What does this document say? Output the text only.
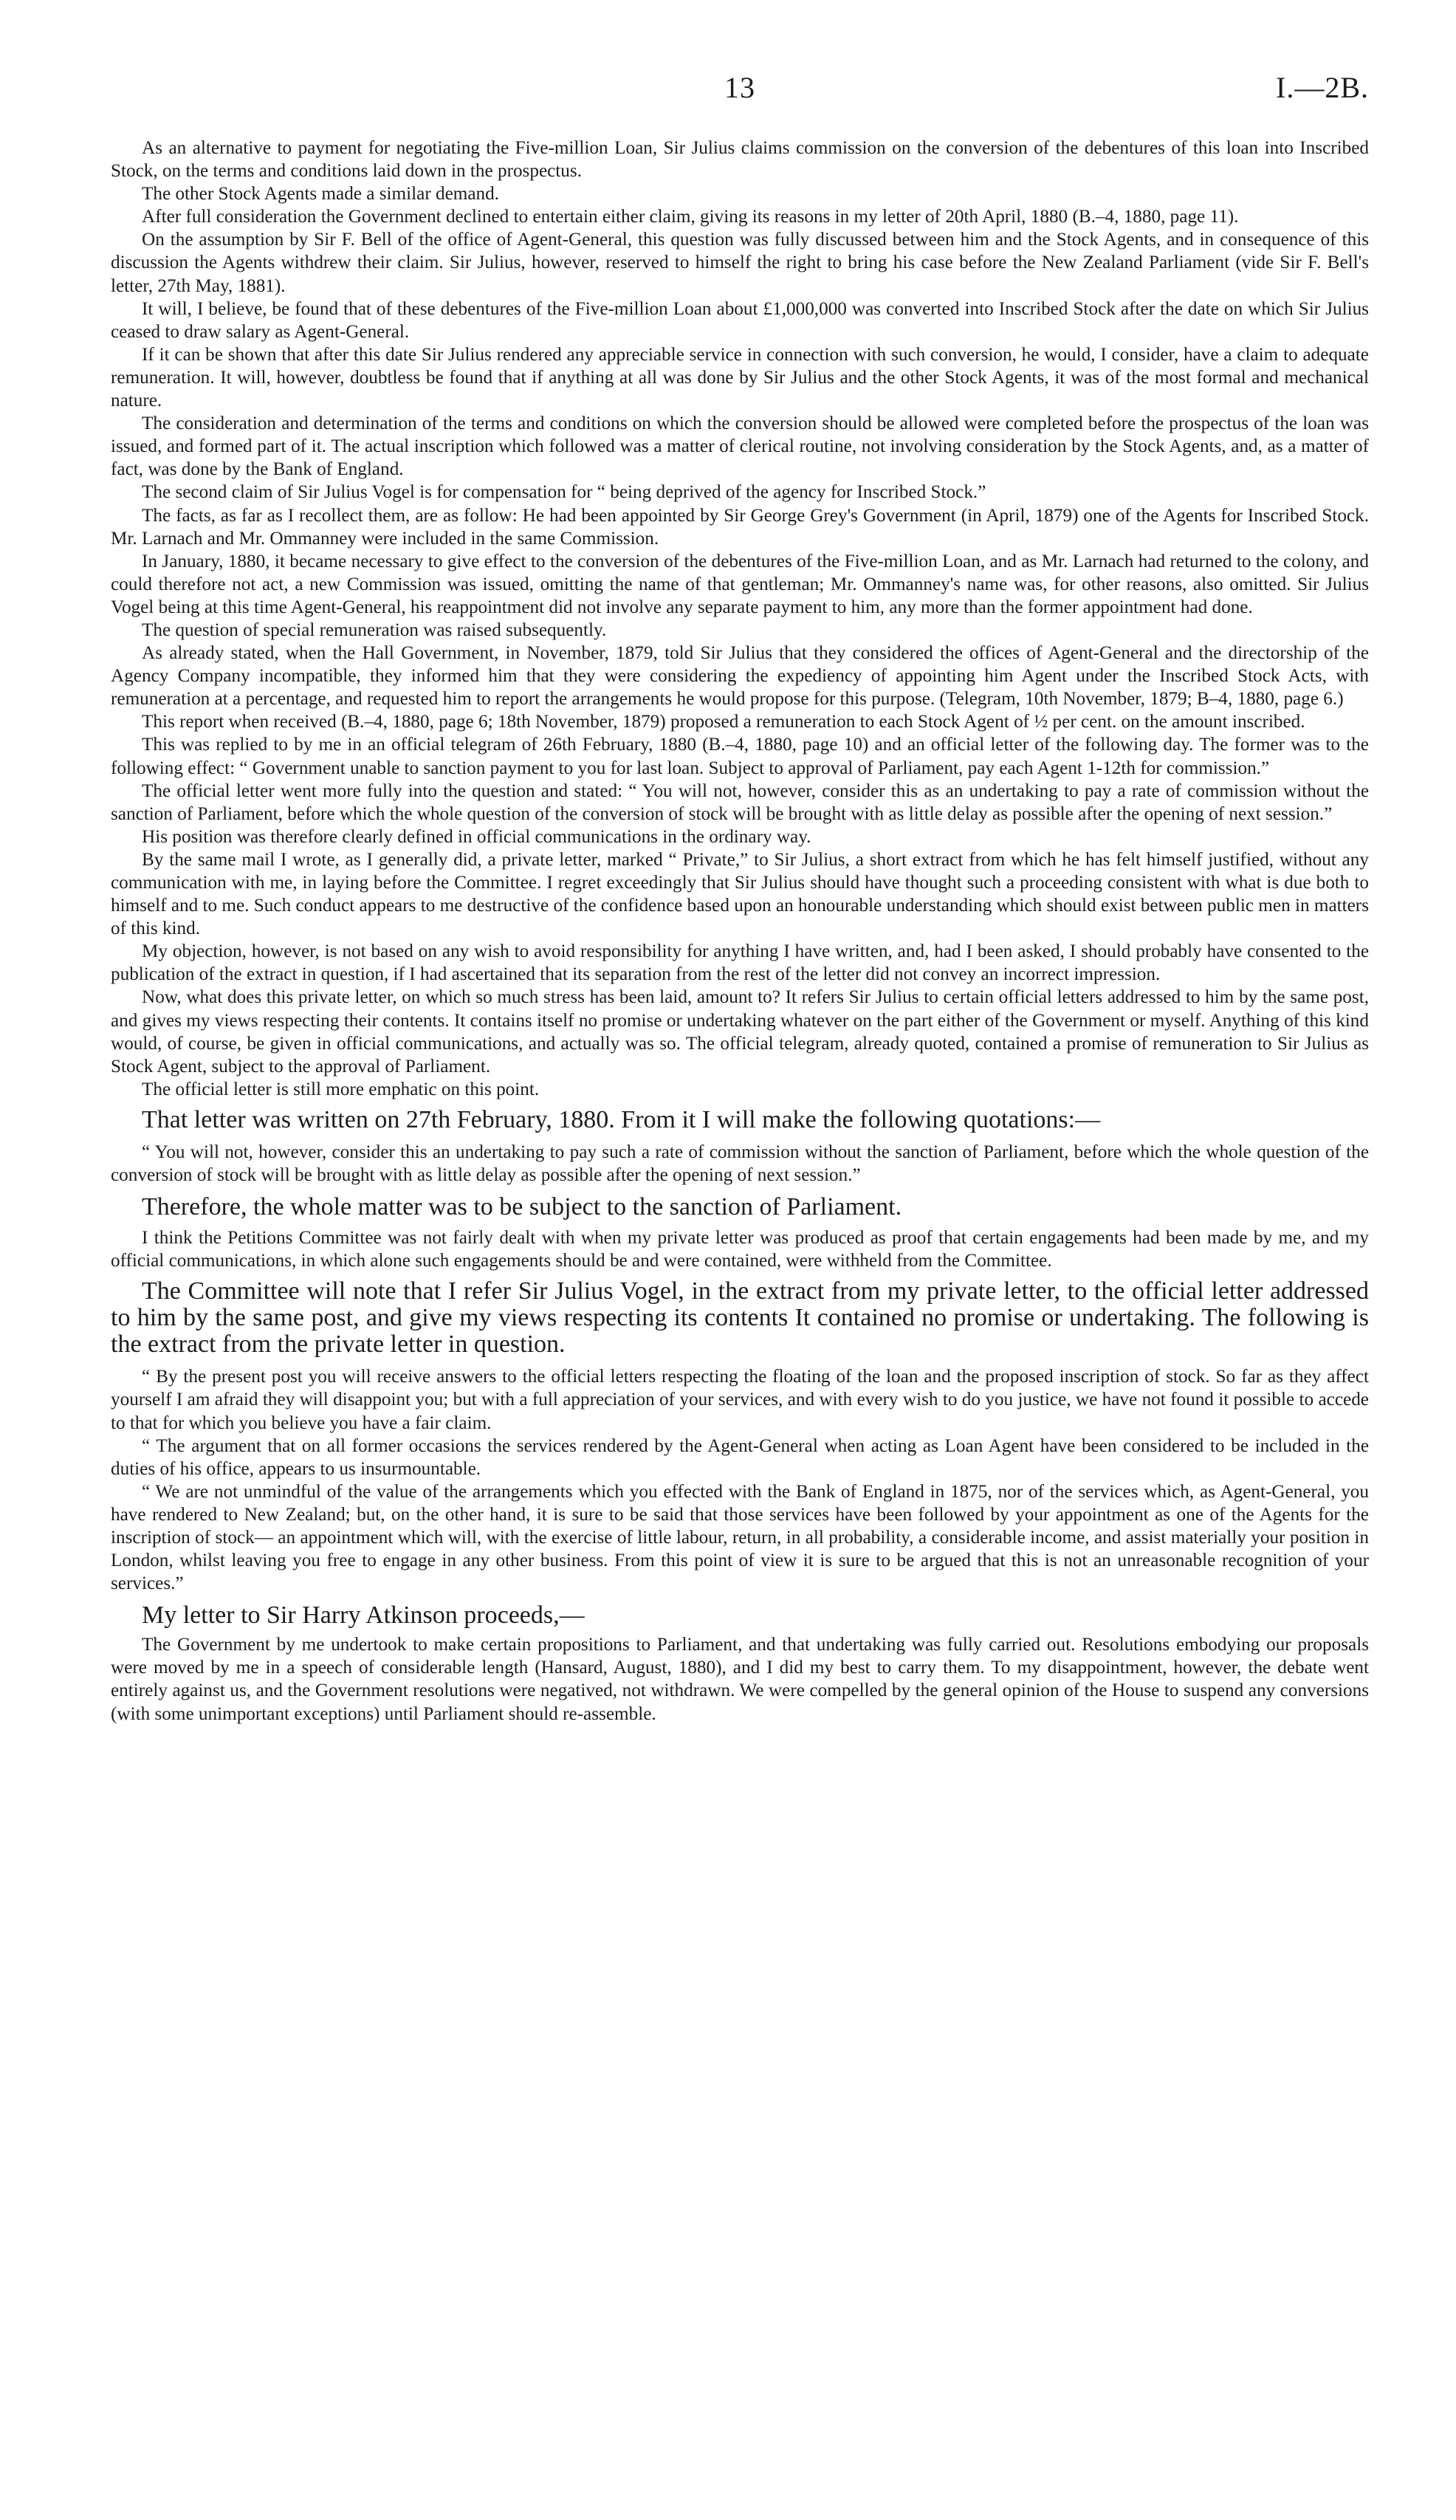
13	I.—2B.

As an alternative to payment for negotiating the Five-million Loan, Sir Julius claims commission on the conversion of the debentures of this loan into Inscribed Stock, on the terms and conditions laid down in the prospectus.

The other Stock Agents made a similar demand.

After full consideration the Government declined to entertain either claim, giving its reasons in my letter of 20th April, 1880 (B.–4, 1880, page 11).

On the assumption by Sir F. Bell of the office of Agent-General, this question was fully discussed between him and the Stock Agents, and in consequence of this discussion the Agents withdrew their claim. Sir Julius, however, reserved to himself the right to bring his case before the New Zealand Parliament (vide Sir F. Bell's letter, 27th May, 1881).

It will, I believe, be found that of these debentures of the Five-million Loan about £1,000,000 was converted into Inscribed Stock after the date on which Sir Julius ceased to draw salary as Agent-General.

If it can be shown that after this date Sir Julius rendered any appreciable service in connection with such conversion, he would, I consider, have a claim to adequate remuneration. It will, however, doubtless be found that if anything at all was done by Sir Julius and the other Stock Agents, it was of the most formal and mechanical nature.

The consideration and determination of the terms and conditions on which the conversion should be allowed were completed before the prospectus of the loan was issued, and formed part of it. The actual inscription which followed was a matter of clerical routine, not involving consideration by the Stock Agents, and, as a matter of fact, was done by the Bank of England.

The second claim of Sir Julius Vogel is for compensation for “ being deprived of the agency for Inscribed Stock.”

The facts, as far as I recollect them, are as follow: He had been appointed by Sir George Grey's Government (in April, 1879) one of the Agents for Inscribed Stock. Mr. Larnach and Mr. Ommanney were included in the same Commission.

In January, 1880, it became necessary to give effect to the conversion of the debentures of the Five-million Loan, and as Mr. Larnach had returned to the colony, and could therefore not act, a new Commission was issued, omitting the name of that gentleman; Mr. Ommanney's name was, for other reasons, also omitted. Sir Julius Vogel being at this time Agent-General, his reappointment did not involve any separate payment to him, any more than the former appointment had done.

The question of special remuneration was raised subsequently.

As already stated, when the Hall Government, in November, 1879, told Sir Julius that they considered the offices of Agent-General and the directorship of the Agency Company incompatible, they informed him that they were considering the expediency of appointing him Agent under the Inscribed Stock Acts, with remuneration at a percentage, and requested him to report the arrangements he would propose for this purpose. (Telegram, 10th November, 1879; B–4, 1880, page 6.)

This report when received (B.–4, 1880, page 6; 18th November, 1879) proposed a remuneration to each Stock Agent of ½ per cent. on the amount inscribed.

This was replied to by me in an official telegram of 26th February, 1880 (B.–4, 1880, page 10) and an official letter of the following day. The former was to the following effect: “ Government unable to sanction payment to you for last loan. Subject to approval of Parliament, pay each Agent 1-12th for commission.”

The official letter went more fully into the question and stated: “ You will not, however, consider this as an undertaking to pay a rate of commission without the sanction of Parliament, before which the whole question of the conversion of stock will be brought with as little delay as possible after the opening of next session.”

His position was therefore clearly defined in official communications in the ordinary way.

By the same mail I wrote, as I generally did, a private letter, marked “ Private,” to Sir Julius, a short extract from which he has felt himself justified, without any communication with me, in laying before the Committee. I regret exceedingly that Sir Julius should have thought such a proceeding consistent with what is due both to himself and to me. Such conduct appears to me destructive of the confidence based upon an honourable understanding which should exist between public men in matters of this kind.

My objection, however, is not based on any wish to avoid responsibility for anything I have written, and, had I been asked, I should probably have consented to the publication of the extract in question, if I had ascertained that its separation from the rest of the letter did not convey an incorrect impression.

Now, what does this private letter, on which so much stress has been laid, amount to? It refers Sir Julius to certain official letters addressed to him by the same post, and gives my views respecting their contents. It contains itself no promise or undertaking whatever on the part either of the Government or myself. Anything of this kind would, of course, be given in official communications, and actually was so. The official telegram, already quoted, contained a promise of remuneration to Sir Julius as Stock Agent, subject to the approval of Parliament.

The official letter is still more emphatic on this point.

That letter was written on 27th February, 1880. From it I will make the following quotations:—

“ You will not, however, consider this an undertaking to pay such a rate of commission without the sanction of Parliament, before which the whole question of the conversion of stock will be brought with as little delay as possible after the opening of next session.”

Therefore, the whole matter was to be subject to the sanction of Parliament.

I think the Petitions Committee was not fairly dealt with when my private letter was produced as proof that certain engagements had been made by me, and my official communications, in which alone such engagements should be and were contained, were withheld from the Committee.

The Committee will note that I refer Sir Julius Vogel, in the extract from my private letter, to the official letter addressed to him by the same post, and give my views respecting its contents It contained no promise or undertaking. The following is the extract from the private letter in question.

“ By the present post you will receive answers to the official letters respecting the floating of the loan and the proposed inscription of stock. So far as they affect yourself I am afraid they will disappoint you; but with a full appreciation of your services, and with every wish to do you justice, we have not found it possible to accede to that for which you believe you have a fair claim.

“ The argument that on all former occasions the services rendered by the Agent-General when acting as Loan Agent have been considered to be included in the duties of his office, appears to us insurmountable.

“ We are not unmindful of the value of the arrangements which you effected with the Bank of England in 1875, nor of the services which, as Agent-General, you have rendered to New Zealand; but, on the other hand, it is sure to be said that those services have been followed by your appointment as one of the Agents for the inscription of stock— an appointment which will, with the exercise of little labour, return, in all probability, a considerable income, and assist materially your position in London, whilst leaving you free to engage in any other business. From this point of view it is sure to be argued that this is not an unreasonable recognition of your services.”

My letter to Sir Harry Atkinson proceeds,—

The Government by me undertook to make certain propositions to Parliament, and that undertaking was fully carried out. Resolutions embodying our proposals were moved by me in a speech of considerable length (Hansard, August, 1880), and I did my best to carry them. To my disappointment, however, the debate went entirely against us, and the Government resolutions were negatived, not withdrawn. We were compelled by the general opinion of the House to suspend any conversions (with some unimportant exceptions) until Parliament should re-assemble.
